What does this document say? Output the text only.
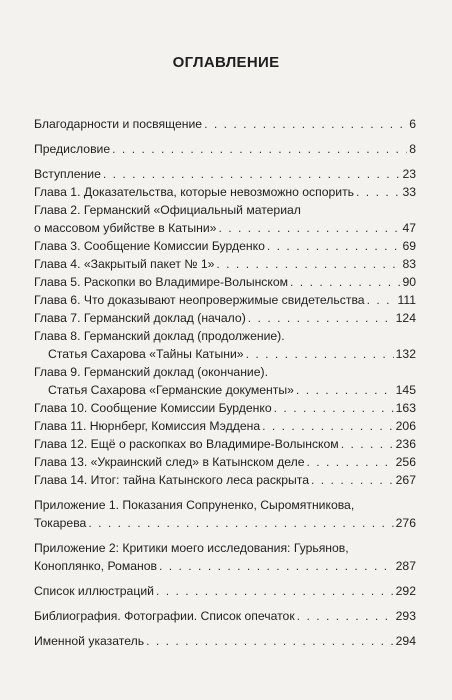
ОГЛАВЛЕНИЕ
Благодарности и посвящение . . .	6
Предисловие . . .	8
Вступление . . .	23
Глава 1. Доказательства, которые невозможно оспорить . . .	33
Глава 2. Германский «Официальный материал
о массовом убийстве в Катыни» . . .	47
Глава 3. Сообщение Комиссии Бурденко . . .	69
Глава 4. «Закрытый пакет № 1» . . .	83
Глава 5. Раскопки во Владимире-Волынском . . .	90
Глава 6. Что доказывают неопровержимые свидетельства . . .	111
Глава 7. Германский доклад (начало) . . .	124
Глава 8. Германский доклад (продолжение).
Статья Сахарова «Тайны Катыни» . . .	132
Глава 9. Германский доклад (окончание).
Статья Сахарова «Германские документы» . . .	145
Глава 10. Сообщение Комиссии Бурденко . . .	163
Глава 11. Нюрнберг, Комиссия Мэддена . . .	206
Глава 12. Ещё о раскопках во Владимире-Волынском . . .	236
Глава 13. «Украинский след» в Катынском деле . . .	256
Глава 14. Итог: тайна Катынского леса раскрыта . . .	267
Приложение 1. Показания Сопруненко, Сыромятникова,
Токарева . . .	276
Приложение 2: Критики моего исследования: Гурьянов,
Коноплянко, Романов . . .	287
Список иллюстраций . . .	292
Библиография. Фотографии. Список опечаток . . .	293
Именной указатель . . .	294
